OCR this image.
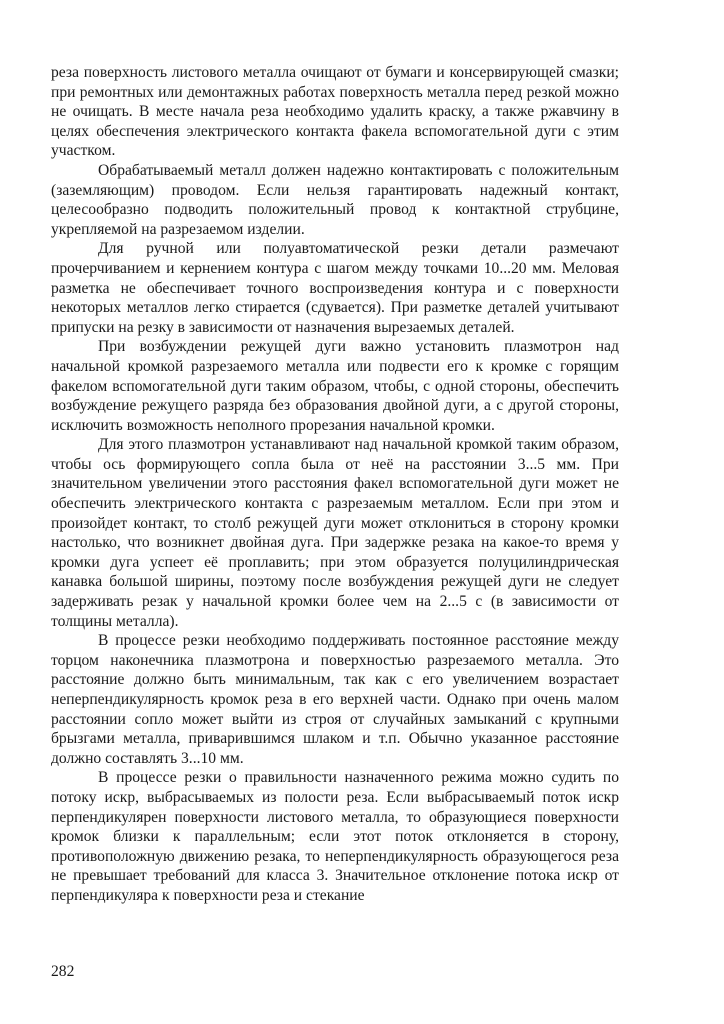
реза поверхность листового металла очищают от бумаги и консервирующей смазки; при ремонтных или демонтажных работах поверхность металла перед резкой можно не очищать. В месте начала реза необходимо удалить краску, а также ржавчину в целях обеспечения электрического контакта факела вспомогательной дуги с этим участком.

Обрабатываемый металл должен надежно контактировать с положительным (заземляющим) проводом. Если нельзя гарантировать надежный контакт, целесообразно подводить положительный провод к контактной струбцине, укрепляемой на разрезаемом изделии.

Для ручной или полуавтоматической резки детали размечают прочерчиванием и кернением контура с шагом между точками 10...20 мм. Меловая разметка не обеспечивает точного воспроизведения контура и с поверхности некоторых металлов легко стирается (сдувается). При разметке деталей учитывают припуски на резку в зависимости от назначения вырезаемых деталей.

При возбуждении режущей дуги важно установить плазмотрон над начальной кромкой разрезаемого металла или подвести его к кромке с горящим факелом вспомогательной дуги таким образом, чтобы, с одной стороны, обеспечить возбуждение режущего разряда без образования двойной дуги, а с другой стороны, исключить возможность неполного прорезания начальной кромки.

Для этого плазмотрон устанавливают над начальной кромкой таким образом, чтобы ось формирующего сопла была от неё на расстоянии 3...5 мм. При значительном увеличении этого расстояния факел вспомогательной дуги может не обеспечить электрического контакта с разрезаемым металлом. Если при этом и произойдет контакт, то столб режущей дуги может отклониться в сторону кромки настолько, что возникнет двойная дуга. При задержке резака на какое-то время у кромки дуга успеет её проплавить; при этом образуется полуцилиндрическая канавка большой ширины, поэтому после возбуждения режущей дуги не следует задерживать резак у начальной кромки более чем на 2...5 с (в зависимости от толщины металла).

В процессе резки необходимо поддерживать постоянное расстояние между торцом наконечника плазмотрона и поверхностью разрезаемого металла. Это расстояние должно быть минимальным, так как с его увеличением возрастает неперпендикулярность кромок реза в его верхней части. Однако при очень малом расстоянии сопло может выйти из строя от случайных замыканий с крупными брызгами металла, приварившимся шлаком и т.п. Обычно указанное расстояние должно составлять 3...10 мм.

В процессе резки о правильности назначенного режима можно судить по потоку искр, выбрасываемых из полости реза. Если выбрасываемый поток искр перпендикулярен поверхности листового металла, то образующиеся поверхности кромок близки к параллельным; если этот поток отклоняется в сторону, противоположную движению резака, то неперпендикулярность образующегося реза не превышает требований для класса 3. Значительное отклонение потока искр от перпендикуляра к поверхности реза и стекание

282
